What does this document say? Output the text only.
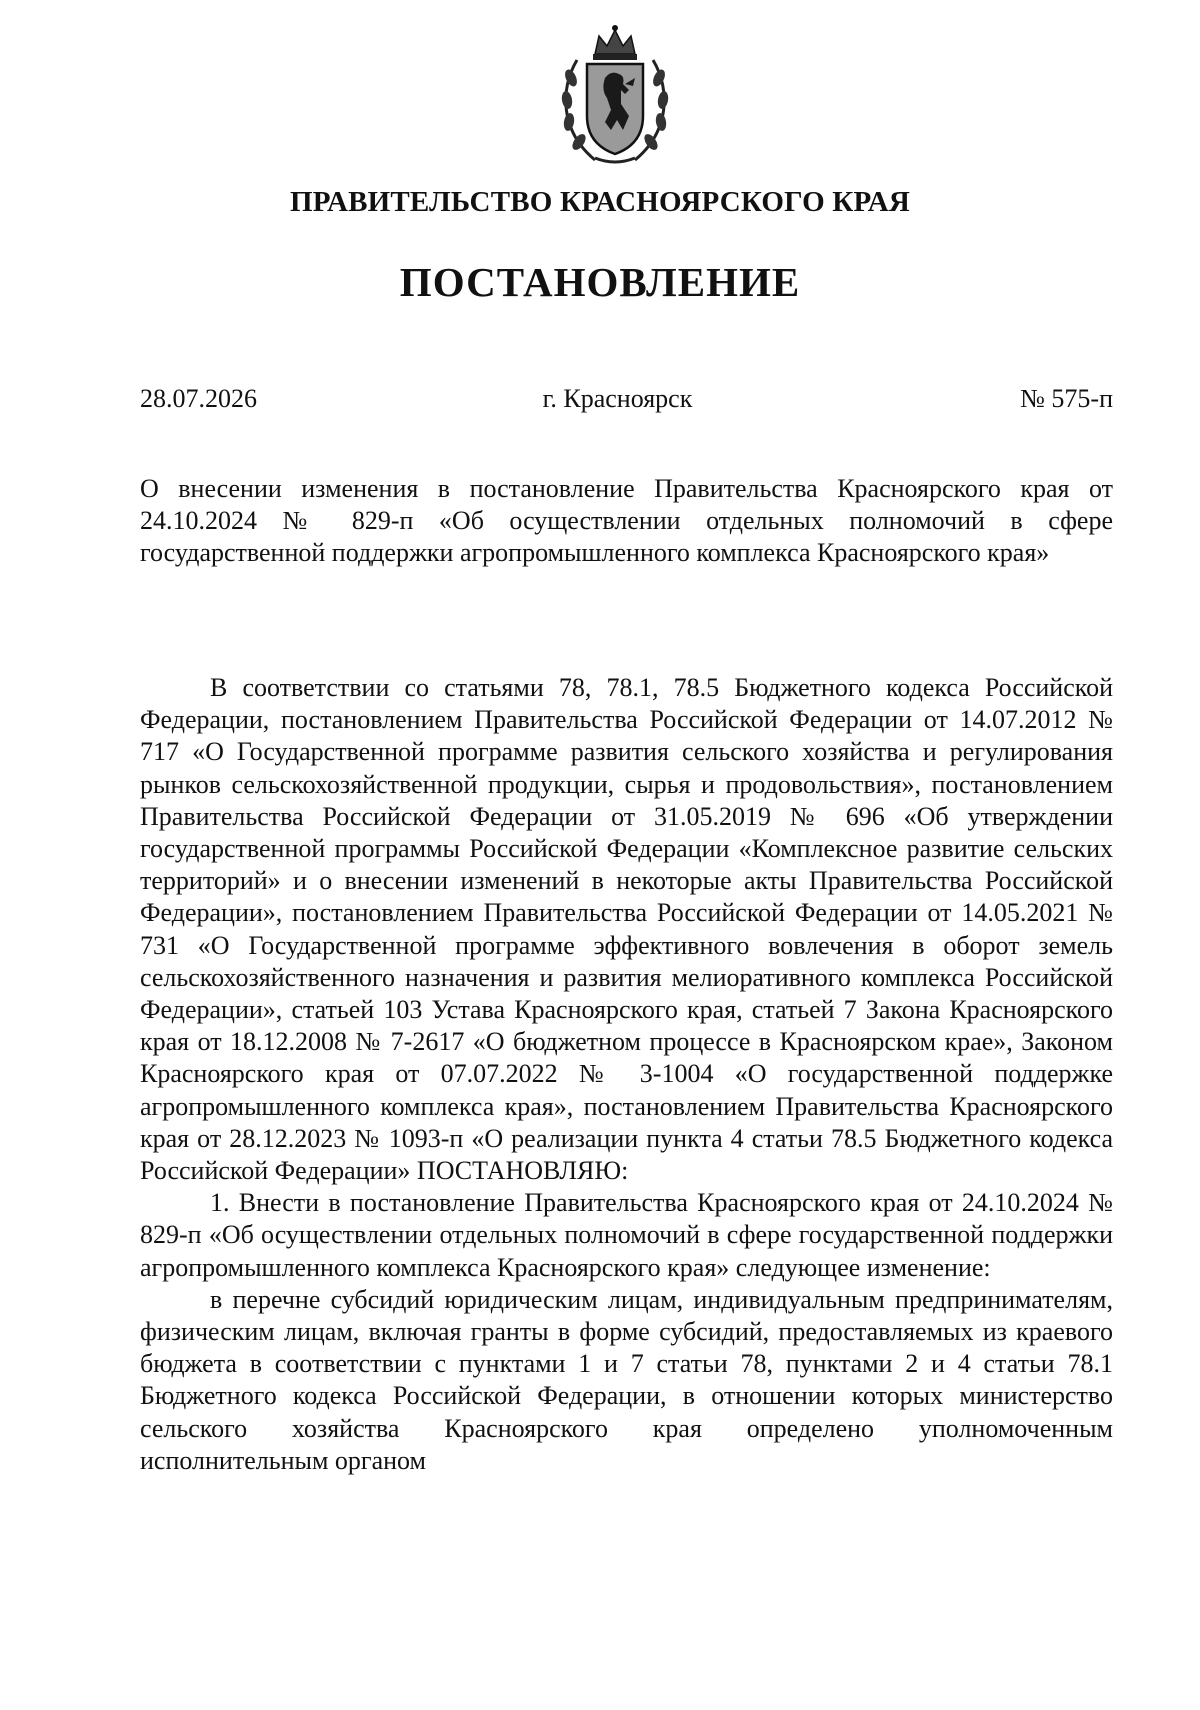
ПРАВИТЕЛЬСТВО КРАСНОЯРСКОГО КРАЯ
ПОСТАНОВЛЕНИЕ
28.07.2026	г. Красноярск	№ 575-п
О внесении изменения в постановление Правительства Красноярского края от 24.10.2024 № 829-п «Об осуществлении отдельных полномочий в сфере государственной поддержки агропромышленного комплекса Красноярского края»

В соответствии со статьями 78, 78.1, 78.5 Бюджетного кодекса Российской Федерации, постановлением Правительства Российской Федерации от 14.07.2012 № 717 «О Государственной программе развития сельского хозяйства и регулирования рынков сельскохозяйственной продукции, сырья и продовольствия», постановлением Правительства Российской Федерации от 31.05.2019 № 696 «Об утверждении государственной программы Российской Федерации «Комплексное развитие сельских территорий» и о внесении изменений в некоторые акты Правительства Российской Федерации», постановлением Правительства Российской Федерации от 14.05.2021 № 731 «О Государственной программе эффективного вовлечения в оборот земель сельскохозяйственного назначения и развития мелиоративного комплекса Российской Федерации», статьей 103 Устава Красноярского края, статьей 7 Закона Красноярского края от 18.12.2008 № 7-2617 «О бюджетном процессе в Красноярском крае», Законом Красноярского края от 07.07.2022 № 3-1004 «О государственной поддержке агропромышленного комплекса края», постановлением Правительства Красноярского края от 28.12.2023 № 1093-п «О реализации пункта 4 статьи 78.5 Бюджетного кодекса Российской Федерации» ПОСТАНОВЛЯЮ:

1. Внести в постановление Правительства Красноярского края от 24.10.2024 № 829-п «Об осуществлении отдельных полномочий в сфере государственной поддержки агропромышленного комплекса Красноярского края» следующее изменение:

в перечне субсидий юридическим лицам, индивидуальным предпринимателям, физическим лицам, включая гранты в форме субсидий, предоставляемых из краевого бюджета в соответствии с пунктами 1 и 7 статьи 78, пунктами 2 и 4 статьи 78.1 Бюджетного кодекса Российской Федерации, в отношении которых министерство сельского хозяйства Красноярского края определено уполномоченным исполнительным органом
